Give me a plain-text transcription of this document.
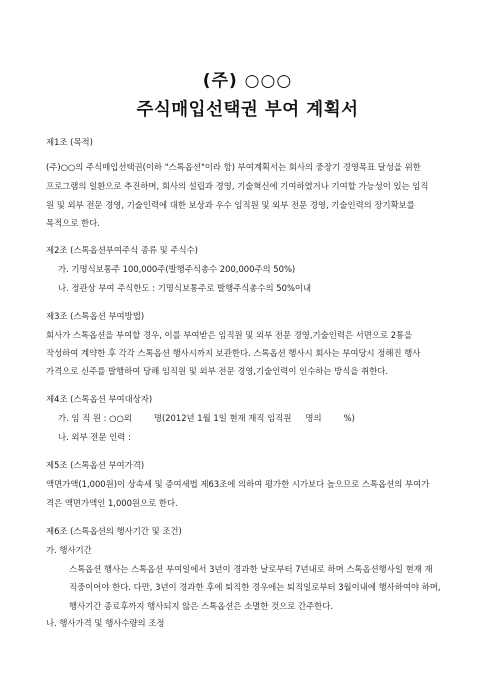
(주) ○○○
주식매입선택권 부여 계획서
제1조 (목적)
(주)○○의 주식매입선택권(이하 "스톡옵션"이라 함) 부여계획서는 회사의 중장기 경영목표 달성을 위한
프로그램의 일환으로 추진하며, 회사의 설립과 경영, 기술혁신에 기여하였거나 기여할 가능성이 있는 임직
원 및 외부 전문 경영, 기술인력에 대한 보상과 우수 임직원 및 외부 전문 경영, 기술인력의 장기확보를
목적으로 한다.
제2조 (스톡옵션부여주식 종류 및 주식수)
가. 기명식보통주 100,000주(발행주식총수 200,000주의 50%)
나. 정관상 부여 주식한도 : 기명식보통주로 발행주식총수의 50%이내
제3조 (스톡옵션 부여방법)
회사가 스톡옵션을 부여할 경우, 이를 부여받은 임직원 및 외부 전문 경영,기술인력은 서면으로 2통을
작성하여 계약한 후 각각 스톡옵션 행사시까지 보관한다. 스톡옵션 행사시 회사는 부여당시 정해진 행사
가격으로 신주를 발행하여 당해 임직원 및 외부 전문 경영,기술인력이 인수하는 방식을 취한다.
제4조 (스톡옵션 부여대상자)
가. 임 직 원 : ○○외	명(2012년 1월 1일 현재 재직 임직원 명의	%)
나. 외부 전문 인력 :
제5조 (스톡옵션 부여가격)
액면가액(1,000원)이 상속세 및 증여세법 제63조에 의하여 평가한 시가보다 높으므로 스톡옵션의 부여가
격은 액면가액인 1,000원으로 한다.
제6조 (스톡옵션의 행사기간 및 조건)
가. 행사기간
스톡옵션 행사는 스톡옵션 부여일에서 3년이 경과한 날로부터 7년내로 하며 스톡옵션행사일 현재 재
직중이어야 한다. 다만, 3년이 경과한 후에 퇴직한 경우에는 퇴직일로부터 3월이내에 행사하여야 하며,
행사기간 종료후까지 행사되지 않은 스톡옵션은 소멸한 것으로 간주한다.
나. 행사가격 및 행사수량의 조정
